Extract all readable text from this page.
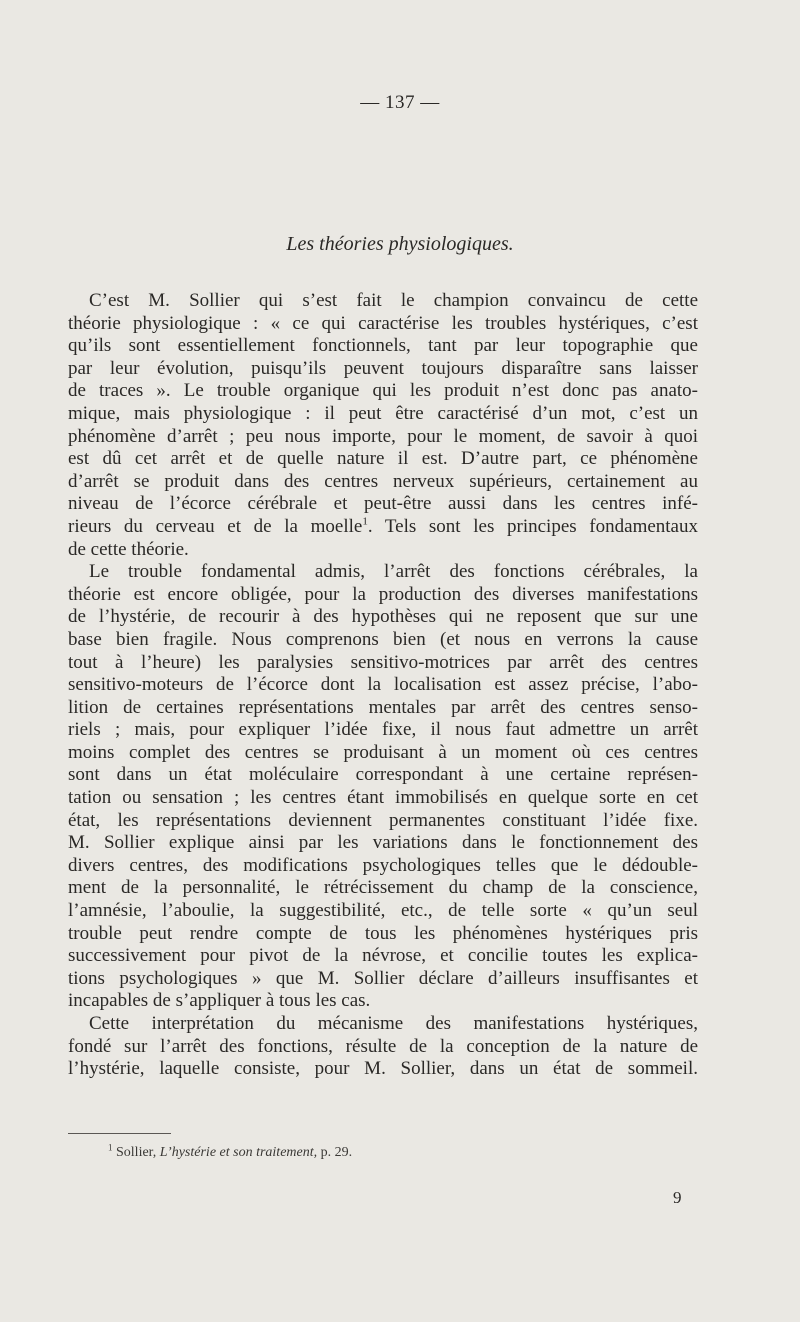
— 137 —
Les théories physiologiques.
C’est M. Sollier qui s’est fait le champion convaincu de cette
théorie physiologique : « ce qui caractérise les troubles hystériques, c’est
qu’ils sont essentiellement fonctionnels, tant par leur topographie que
par leur évolution, puisqu’ils peuvent toujours disparaître sans laisser
de traces ». Le trouble organique qui les produit n’est donc pas anato-
mique, mais physiologique : il peut être caractérisé d’un mot, c’est un
phénomène d’arrêt ; peu nous importe, pour le moment, de savoir à quoi
est dû cet arrêt et de quelle nature il est. D’autre part, ce phénomène
d’arrêt se produit dans des centres nerveux supérieurs, certainement au
niveau de l’écorce cérébrale et peut-être aussi dans les centres infé-
rieurs du cerveau et de la moelle$^1$. Tels sont les principes fondamentaux
de cette théorie.
Le trouble fondamental admis, l’arrêt des fonctions cérébrales, la
théorie est encore obligée, pour la production des diverses manifestations
de l’hystérie, de recourir à des hypothèses qui ne reposent que sur une
base bien fragile. Nous comprenons bien (et nous en verrons la cause
tout à l’heure) les paralysies sensitivo-motrices par arrêt des centres
sensitivo-moteurs de l’écorce dont la localisation est assez précise, l’abo-
lition de certaines représentations mentales par arrêt des centres senso-
riels ; mais, pour expliquer l’idée fixe, il nous faut admettre un arrêt
moins complet des centres se produisant à un moment où ces centres
sont dans un état moléculaire correspondant à une certaine représen-
tation ou sensation ; les centres étant immobilisés en quelque sorte en cet
état, les représentations deviennent permanentes constituant l’idée fixe.
M. Sollier explique ainsi par les variations dans le fonctionnement des
divers centres, des modifications psychologiques telles que le dédouble-
ment de la personnalité, le rétrécissement du champ de la conscience,
l’amnésie, l’aboulie, la suggestibilité, etc., de telle sorte « qu’un seul
trouble peut rendre compte de tous les phénomènes hystériques pris
successivement pour pivot de la névrose, et concilie toutes les explica-
tions psychologiques » que M. Sollier déclare d’ailleurs insuffisantes et
incapables de s’appliquer à tous les cas.
Cette interprétation du mécanisme des manifestations hystériques,
fondé sur l’arrêt des fonctions, résulte de la conception de la nature de
l’hystérie, laquelle consiste, pour M. Sollier, dans un état de sommeil.
$^1$ Sollier, L’hystérie et son traitement, p. 29.
9
